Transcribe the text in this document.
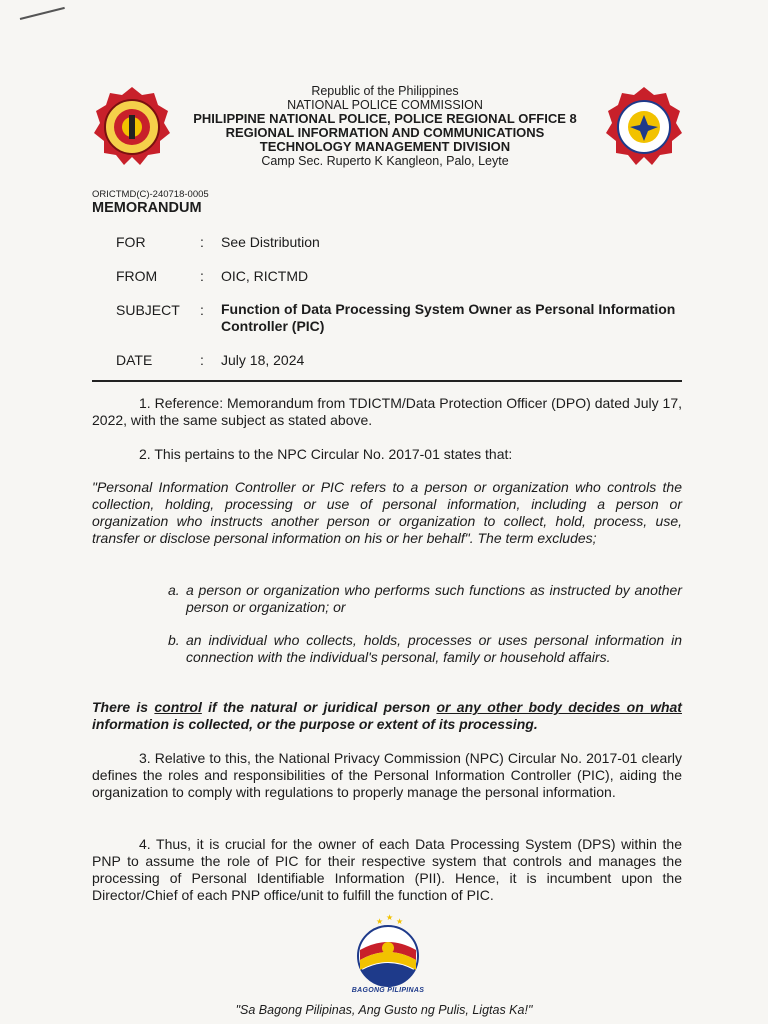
Republic of the Philippines
NATIONAL POLICE COMMISSION
PHILIPPINE NATIONAL POLICE, POLICE REGIONAL OFFICE 8
REGIONAL INFORMATION AND COMMUNICATIONS
TECHNOLOGY MANAGEMENT DIVISION
Camp Sec. Ruperto K Kangleon, Palo, Leyte
ORICTMD(C)-240718-0005
MEMORANDUM
FOR	: See Distribution
FROM	: OIC, RICTMD
SUBJECT : Function of Data Processing System Owner as Personal Information Controller (PIC)
DATE	: July 18, 2024
1. Reference: Memorandum from TDICTM/Data Protection Officer (DPO) dated July 17, 2022, with the same subject as stated above.
2. This pertains to the NPC Circular No. 2017-01 states that:
"Personal Information Controller or PIC refers to a person or organization who controls the collection, holding, processing or use of personal information, including a person or organization who instructs another person or organization to collect, hold, process, use, transfer or disclose personal information on his or her behalf". The term excludes;
a. a person or organization who performs such functions as instructed by another person or organization; or
b. an individual who collects, holds, processes or uses personal information in connection with the individual's personal, family or household affairs.
There is control if the natural or juridical person or any other body decides on what information is collected, or the purpose or extent of its processing.
3. Relative to this, the National Privacy Commission (NPC) Circular No. 2017-01 clearly defines the roles and responsibilities of the Personal Information Controller (PIC), aiding the organization to comply with regulations to properly manage the personal information.
4. Thus, it is crucial for the owner of each Data Processing System (DPS) within the PNP to assume the role of PIC for their respective system that controls and manages the processing of Personal Identifiable Information (PII). Hence, it is incumbent upon the Director/Chief of each PNP office/unit to fulfill the function of PIC.
★ ★ ★
BAGONG PILIPINAS
"Sa Bagong Pilipinas, Ang Gusto ng Pulis, Ligtas Ka!"
